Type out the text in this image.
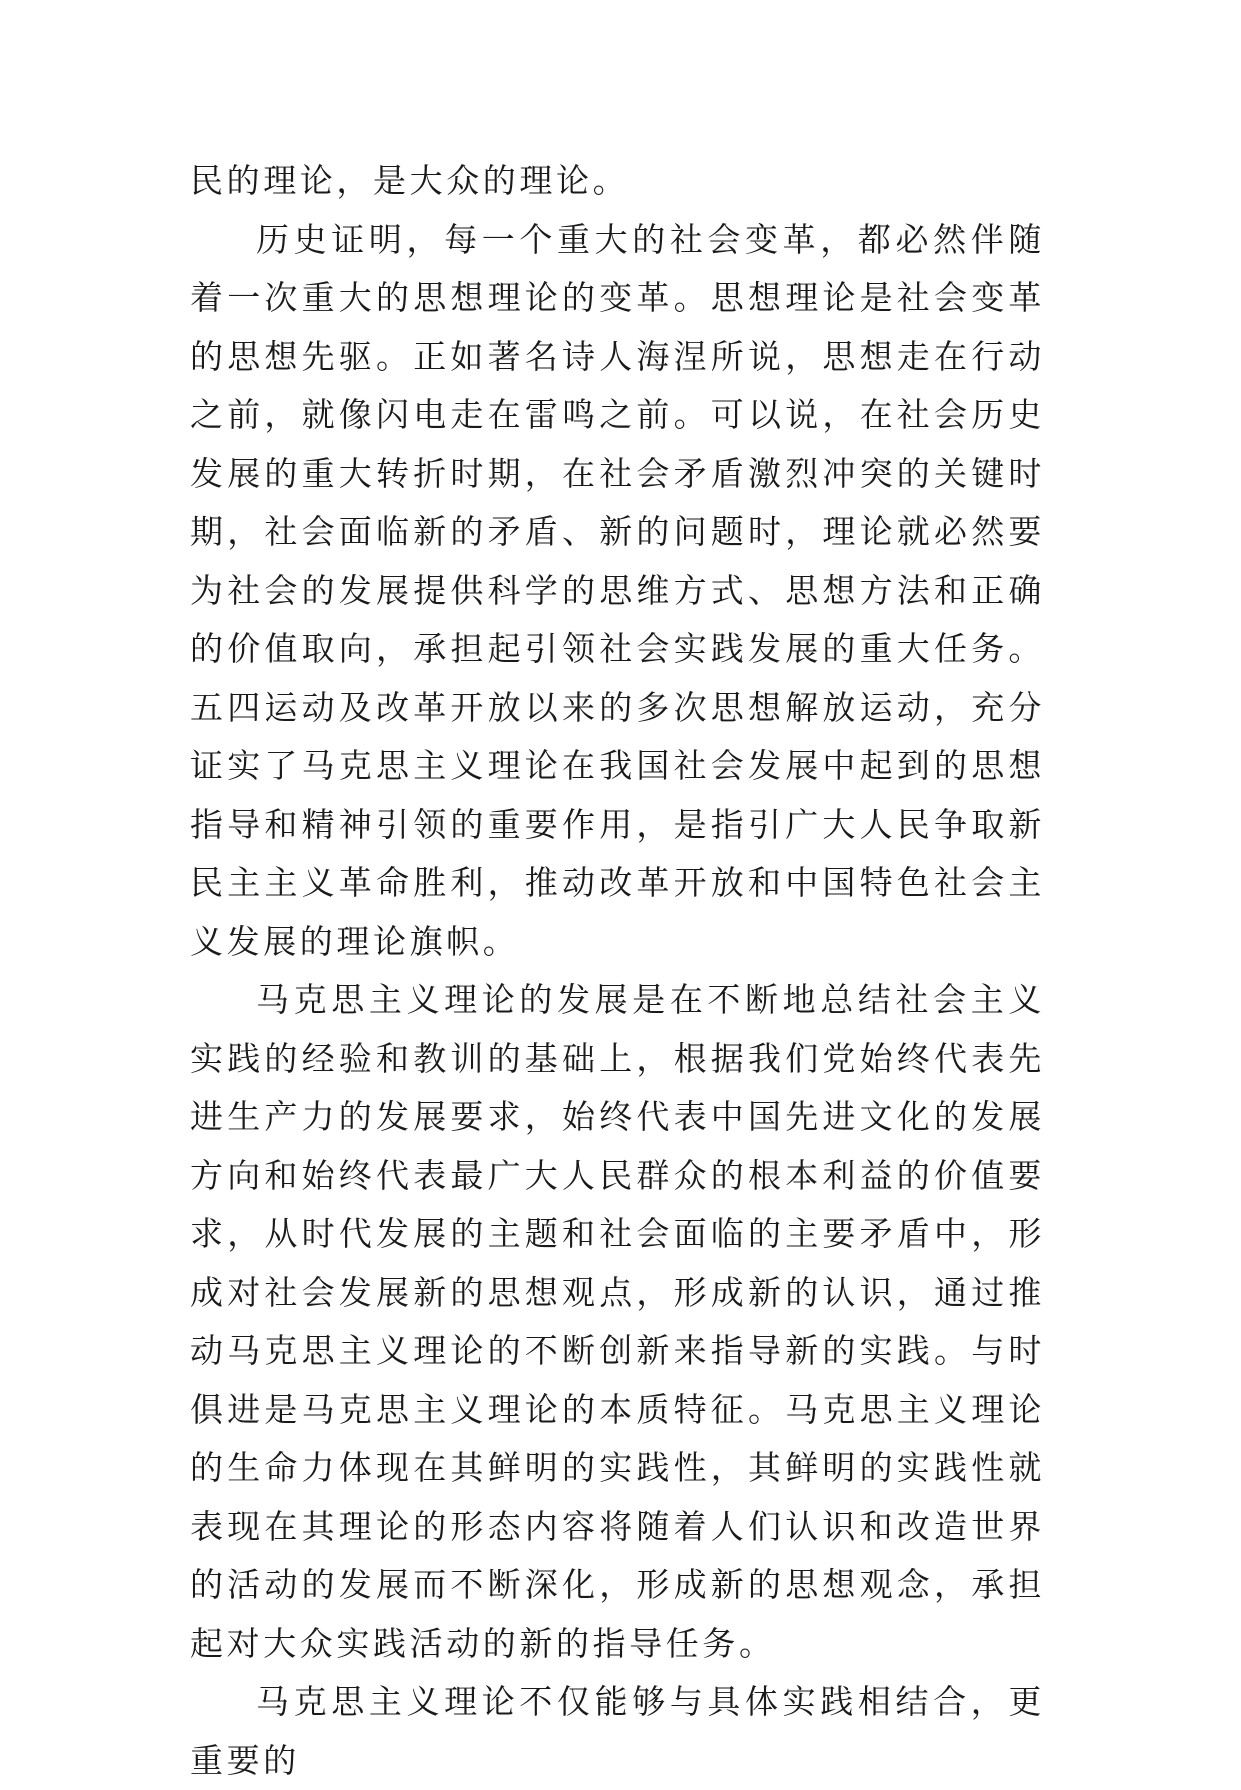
民的理论，是大众的理论。

历史证明，每一个重大的社会变革，都必然伴随着一次重大的思想理论的变革。思想理论是社会变革的思想先驱。正如著名诗人海涅所说，思想走在行动之前，就像闪电走在雷鸣之前。可以说，在社会历史发展的重大转折时期，在社会矛盾激烈冲突的关键时期，社会面临新的矛盾、新的问题时，理论就必然要为社会的发展提供科学的思维方式、思想方法和正确的价值取向，承担起引领社会实践发展的重大任务。五四运动及改革开放以来的多次思想解放运动，充分证实了马克思主义理论在我国社会发展中起到的思想指导和精神引领的重要作用，是指引广大人民争取新民主主义革命胜利，推动改革开放和中国特色社会主义发展的理论旗帜。

马克思主义理论的发展是在不断地总结社会主义实践的经验和教训的基础上，根据我们党始终代表先进生产力的发展要求，始终代表中国先进文化的发展方向和始终代表最广大人民群众的根本利益的价值要求，从时代发展的主题和社会面临的主要矛盾中，形成对社会发展新的思想观点，形成新的认识，通过推动马克思主义理论的不断创新来指导新的实践。与时俱进是马克思主义理论的本质特征。马克思主义理论的生命力体现在其鲜明的实践性，其鲜明的实践性就表现在其理论的形态内容将随着人们认识和改造世界的活动的发展而不断深化，形成新的思想观念，承担起对大众实践活动的新的指导任务。

马克思主义理论不仅能够与具体实践相结合，更重要的
